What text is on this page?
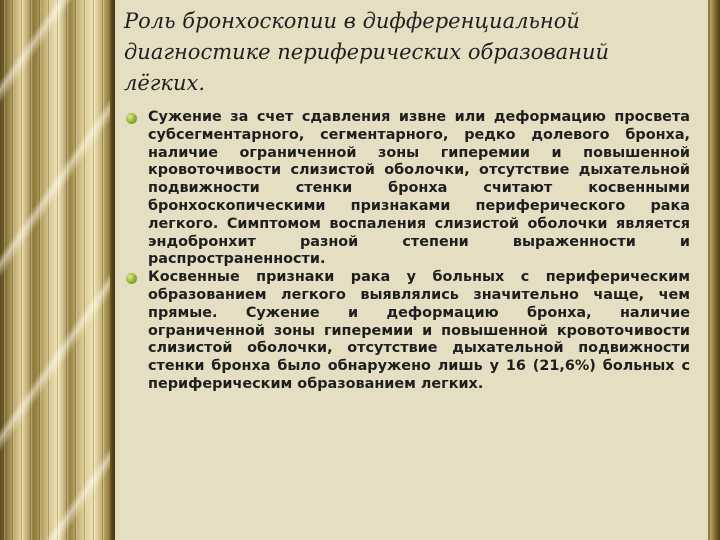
Роль бронхоскопии в дифференциальной диагностике периферических образований лёгких.
Сужение за счет сдавления извне или деформацию просвета субсегментарного, сегментарного, редко долевого бронха, наличие ограниченной зоны гиперемии и повышенной кровоточивости слизистой оболочки, отсутствие дыхательной подвижности стенки бронха считают косвенными бронхоскопическими признаками периферического рака легкого. Симптомом воспаления слизистой оболочки является эндобронхит разной степени выраженности и распространенности.
Косвенные признаки рака у больных с периферическим образованием легкого выявлялись значительно чаще, чем прямые. Сужение и деформацию бронха, наличие ограниченной зоны гиперемии и повышенной кровоточивости слизистой оболочки, отсутствие дыхательной подвижности стенки бронха было обнаружено лишь у 16 (21,6%) больных с периферическим образованием легких.
